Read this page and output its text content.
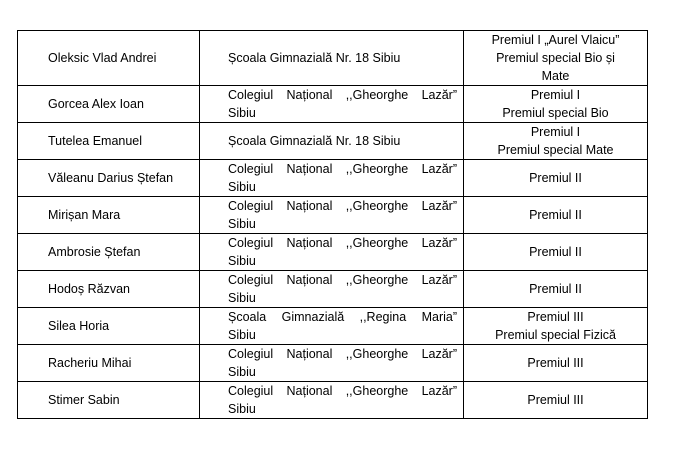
Oleksic Vlad Andrei	Școala Gimnazială Nr. 18 Sibiu	Premiul I „Aurel Vlaicu”
Premiul special Bio și
Mate

Gorcea Alex Ioan	Colegiul Național ,,Gheorghe Lazăr”
Sibiu	Premiul I
Premiul special Bio

Tutelea Emanuel	Școala Gimnazială Nr. 18 Sibiu	Premiul I
Premiul special Mate

Văleanu Darius Ștefan	Colegiul Național ,,Gheorghe Lazăr”
Sibiu	Premiul II

Mirișan Mara	Colegiul Național ,,Gheorghe Lazăr”
Sibiu	Premiul II

Ambrosie Ștefan	Colegiul Național ,,Gheorghe Lazăr”
Sibiu	Premiul II

Hodoș Răzvan	Colegiul Național ,,Gheorghe Lazăr”
Sibiu	Premiul II

Silea Horia	Școala Gimnazială ,,Regina Maria”
Sibiu	Premiul III
Premiul special Fizică

Racheriu Mihai	Colegiul Național ,,Gheorghe Lazăr”
Sibiu	Premiul III

Stimer Sabin	Colegiul Național ,,Gheorghe Lazăr”
Sibiu	Premiul III
